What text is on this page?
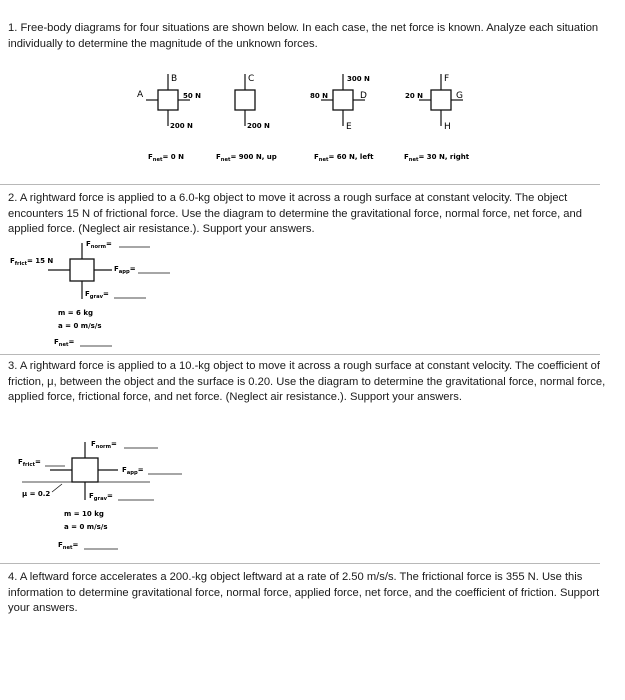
1. Free-body diagrams for four situations are shown below. In each case, the net force is known. Analyze each situation individually to determine the magnitude of the unknown forces.

B
A	50 N
200 N
$F_{net}= 0$ N
C
200 N
$F_{net}= 900$ N, up
300 N
80 N	D
E
$F_{net}= 60$ N, left
F
20 N	G
H
$F_{net}= 30$ N, right

2. A rightward force is applied to a 6.0-kg object to move it across a rough surface at constant velocity. The object encounters 15 N of frictional force. Use the diagram to determine the gravitational force, normal force, net force, and applied force. (Neglect air resistance.). Support your answers.

$F_{norm}=$
$F_{frict}= 15$ N
$F_{app}=$
$F_{grav}=$
m = 6 kg
a = 0 m/s/s
$F_{net}=$

3. A rightward force is applied to a 10.-kg object to move it across a rough surface at constant velocity. The coefficient of friction, μ, between the object and the surface is 0.20. Use the diagram to determine the gravitational force, normal force, applied force, frictional force, and net force. (Neglect air resistance.). Support your answers.

$F_{norm}=$
$F_{frict}=$
$F_{app}=$
μ = 0.2	$F_{grav}=$
m = 10 kg
a = 0 m/s/s
$F_{net}=$

4. A leftward force accelerates a 200.-kg object leftward at a rate of 2.50 m/s/s. The frictional force is 355 N. Use this information to determine gravitational force, normal force, applied force, net force, and the coefficient of friction. Support your answers.
